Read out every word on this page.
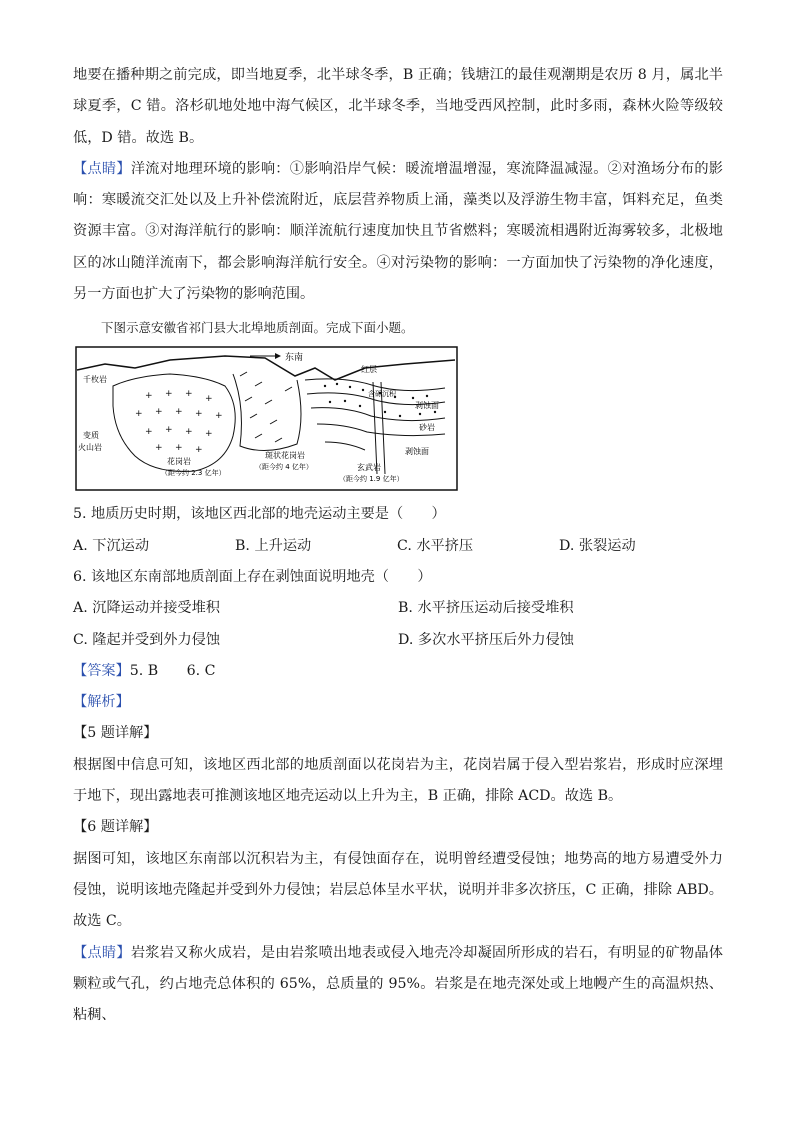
地要在播种期之前完成，即当地夏季，北半球冬季，B 正确；钱塘江的最佳观潮期是农历 8 月，属北半球夏季，C 错。洛杉矶地处地中海气候区，北半球冬季，当地受西风控制，此时多雨，森林火险等级较低，D 错。故选 B。

【点睛】洋流对地理环境的影响：①影响沿岸气候：暖流增温增湿，寒流降温减湿。②对渔场分布的影响：寒暖流交汇处以及上升补偿流附近，底层营养物质上涌，藻类以及浮游生物丰富，饵料充足，鱼类资源丰富。③对海洋航行的影响：顺洋流航行速度加快且节省燃料；寒暖流相遇附近海雾较多，北极地区的冰山随洋流南下，都会影响海洋航行安全。④对污染物的影响：一方面加快了污染物的净化速度，另一方面也扩大了污染物的影响范围。

下图示意安徽省祁门县大北埠地质剖面。完成下面小题。

东南
+ + + +
+ + + + +
+ + + +
+ + +
千枚岩
变质
火山岩
红层
含砾沉积
剥蚀面
砂岩
剥蚀面
花岗岩
（距今约 2.3 亿年）
斑状花岗岩
（距今约 4 亿年）	玄武岩
（距今约 1.9 亿年）

5. 地质历史时期，该地区西北部的地壳运动主要是（　　）

A. 下沉运动	B. 上升运动	C. 水平挤压	D. 张裂运动

6. 该地区东南部地质剖面上存在剥蚀面说明地壳（　　）

A. 沉降运动并接受堆积	B. 水平挤压运动后接受堆积
C. 隆起并受到外力侵蚀	D. 多次水平挤压后外力侵蚀

【答案】5. B　　6. C

【解析】

【5 题详解】

根据图中信息可知，该地区西北部的地质剖面以花岗岩为主，花岗岩属于侵入型岩浆岩，形成时应深埋于地下，现出露地表可推测该地区地壳运动以上升为主，B 正确，排除 ACD。故选 B。

【6 题详解】

据图可知，该地区东南部以沉积岩为主，有侵蚀面存在，说明曾经遭受侵蚀；地势高的地方易遭受外力侵蚀，说明该地壳隆起并受到外力侵蚀；岩层总体呈水平状，说明并非多次挤压，C 正确，排除 ABD。故选 C。

【点睛】岩浆岩又称火成岩，是由岩浆喷出地表或侵入地壳冷却凝固所形成的岩石，有明显的矿物晶体颗粒或气孔，约占地壳总体积的 65%，总质量的 95%。岩浆是在地壳深处或上地幔产生的高温炽热、粘稠、
